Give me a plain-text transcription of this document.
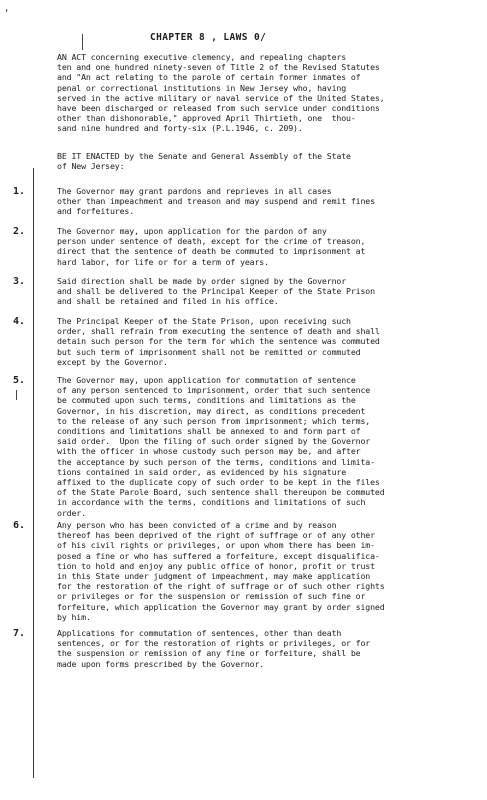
,
CHAPTER 8 , LAWS 0/
AN ACT concerning executive clemency, and repealing chapters
ten and one hundred ninety-seven of Title 2 of the Revised Statutes
and "An act relating to the parole of certain former inmates of
penal or correctional institutions in New Jersey who, having
served in the active military or naval service of the United States,
have been discharged or released from such service under conditions
other than dishonorable," approved April Thirtieth, one  thou-
sand nine hundred and forty-six (P.L.1946, c. 209).
BE IT ENACTED by the Senate and General Assembly of the State
of New Jersey:
1.	The Governor may grant pardons and reprieves in all cases
other than impeachment and treason and may suspend and remit fines
and forfeitures.
2.	The Governor may, upon application for the pardon of any
person under sentence of death, except for the crime of treason,
direct that the sentence of death be commuted to imprisonment at
hard labor, for life or for a term of years.
3.	Said direction shall be made by order signed by the Governor
and shall be delivered to the Principal Keeper of the State Prison
and shall be retained and filed in his office.
4.	The Principal Keeper of the State Prison, upon receiving such
order, shall refrain from executing the sentence of death and shall
detain such person for the term for which the sentence was commuted
but such term of imprisonment shall not be remitted or commuted
except by the Governor.
5.	The Governor may, upon application for commutation of sentence
of any person sentenced to imprisonment, order that such sentence
be commuted upon such terms, conditions and limitations as the
Governor, in his discretion, may direct, as conditions precedent
to the release of any such person from imprisonment; which terms,
conditions and limitations shall be annexed to and form part of
said order.  Upon the filing of such order signed by the Governor
with the officer in whose custody such person may be, and after
the acceptance by such person of the terms, conditions and limita-
tions contained in said order, as evidenced by his signature
affixed to the duplicate copy of such order to be kept in the files
of the State Parole Board, such sentence shall thereupon be commuted
in accordance with the terms, conditions and limitations of such
order.
6.	Any person who has been convicted of a crime and by reason
thereof has been deprived of the right of suffrage or of any other
of his civil rights or privileges, or upon whom there has been im-
posed a fine or who has suffered a forfeiture, except disqualifica-
tion to hold and enjoy any public office of honor, profit or trust
in this State under judgment of impeachment, may make application
for the restoration of the right of suffrage or of such other rights
or privileges or for the suspension or remission of such fine or
forfeiture, which application the Governor may grant by order signed
by him.
7.	Applications for commutation of sentences, other than death
sentences, or for the restoration of rights or privileges, or for
the suspension or remission of any fine or forfeiture, shall be
made upon forms prescribed by the Governor.
